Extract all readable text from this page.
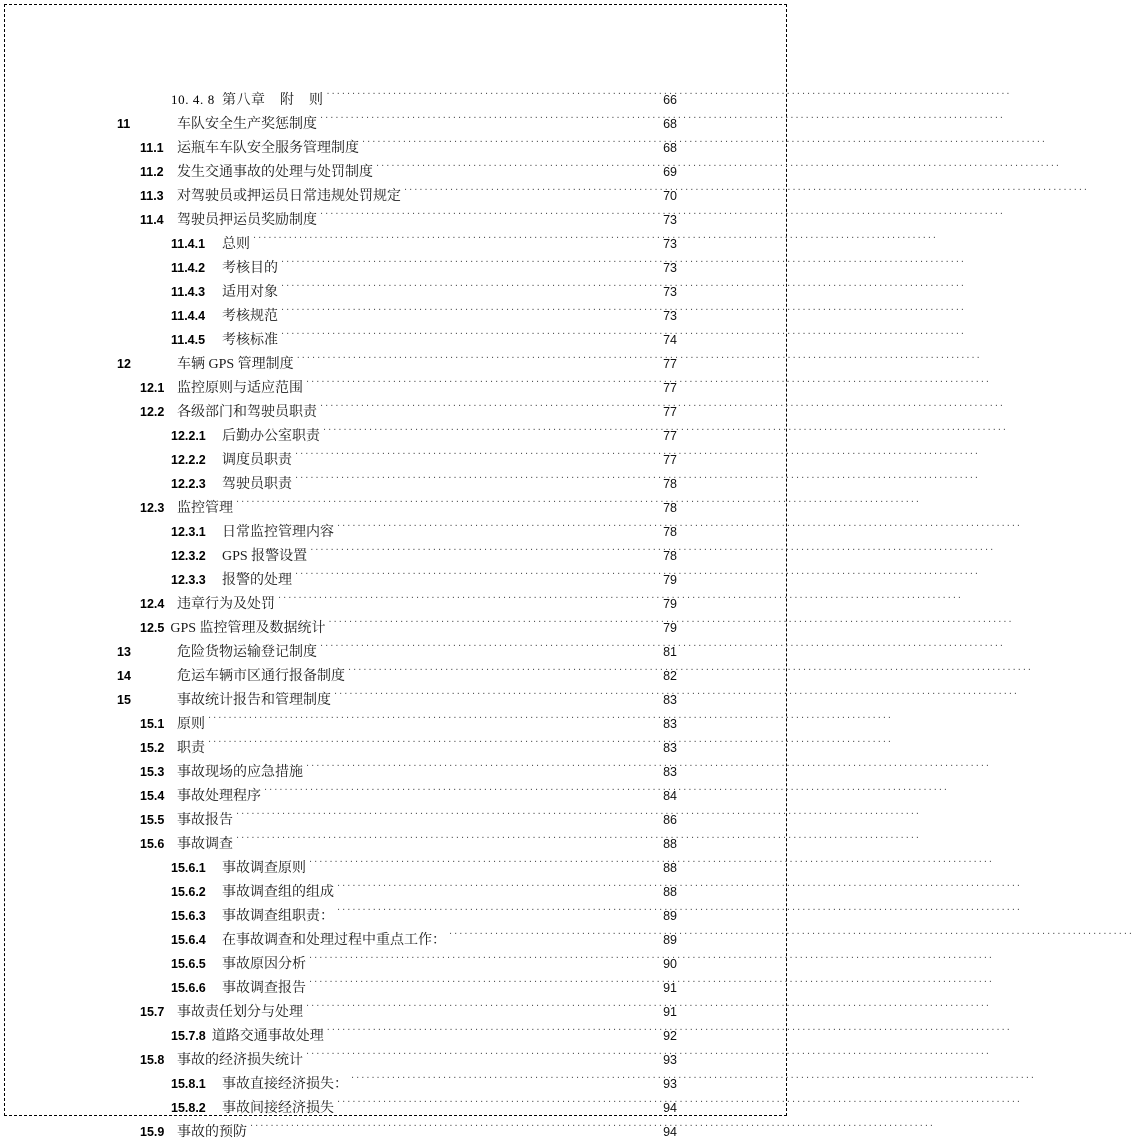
10. 4. 8 第八章　附　则 . . .	66
11	车队安全生产奖惩制度 . . .	68
11.1 运瓶车车队安全服务管理制度 . . .	68
11.2 发生交通事故的处理与处罚制度 . . .	69
11.3 对驾驶员或押运员日常违规处罚规定 . . .	70
11.4 驾驶员押运员奖励制度 . . .	73
11.4.1	总则 . . .	73
11.4.2	考核目的 . . .	73
11.4.3	适用对象 . . .	73
11.4.4	考核规范 . . .	73
11.4.5	考核标准 . . .	74
12	车辆 GPS 管理制度 . . .	77
12.1 监控原则与适应范围 . . .	77
12.2 各级部门和驾驶员职责 . . .	77
12.2.1	后勤办公室职责 . . .	77
12.2.2	调度员职责 . . .	77
12.2.3	驾驶员职责 . . .	78
12.3 监控管理 . . .	78
12.3.1	日常监控管理内容 . . .	78
12.3.2	GPS 报警设置 . . .	78
12.3.3	报警的处理 . . .	79
12.4 违章行为及处罚 . . .	79
12.5 GPS 监控管理及数据统计 . . .	79
13	危险货物运输登记制度 . . .	81
14	危运车辆市区通行报备制度 . . .	82
15	事故统计报告和管理制度 . . .	83
15.1 原则 . . .	83
15.2 职责 . . .	83
15.3 事故现场的应急措施 . . .	83
15.4 事故处理程序 . . .	84
15.5 事故报告 . . .	86
15.6 事故调查 . . .	88
15.6.1	事故调查原则 . . .	88
15.6.2	事故调查组的组成 . . .	88
15.6.3	事故调查组职责： . . .	89
15.6.4	在事故调查和处理过程中重点工作： . . .	89
15.6.5	事故原因分析 . . .	90
15.6.6	事故调查报告 . . .	91
15.7 事故责任划分与处理 . . .	91
15.7.8 道路交通事故处理 . . .	92
15.8 事故的经济损失统计 . . .	93
15.8.1	事故直接经济损失： . . .	93
15.8.2	事故间接经济损失 . . .	94
15.9 事故的预防 . . .	94
